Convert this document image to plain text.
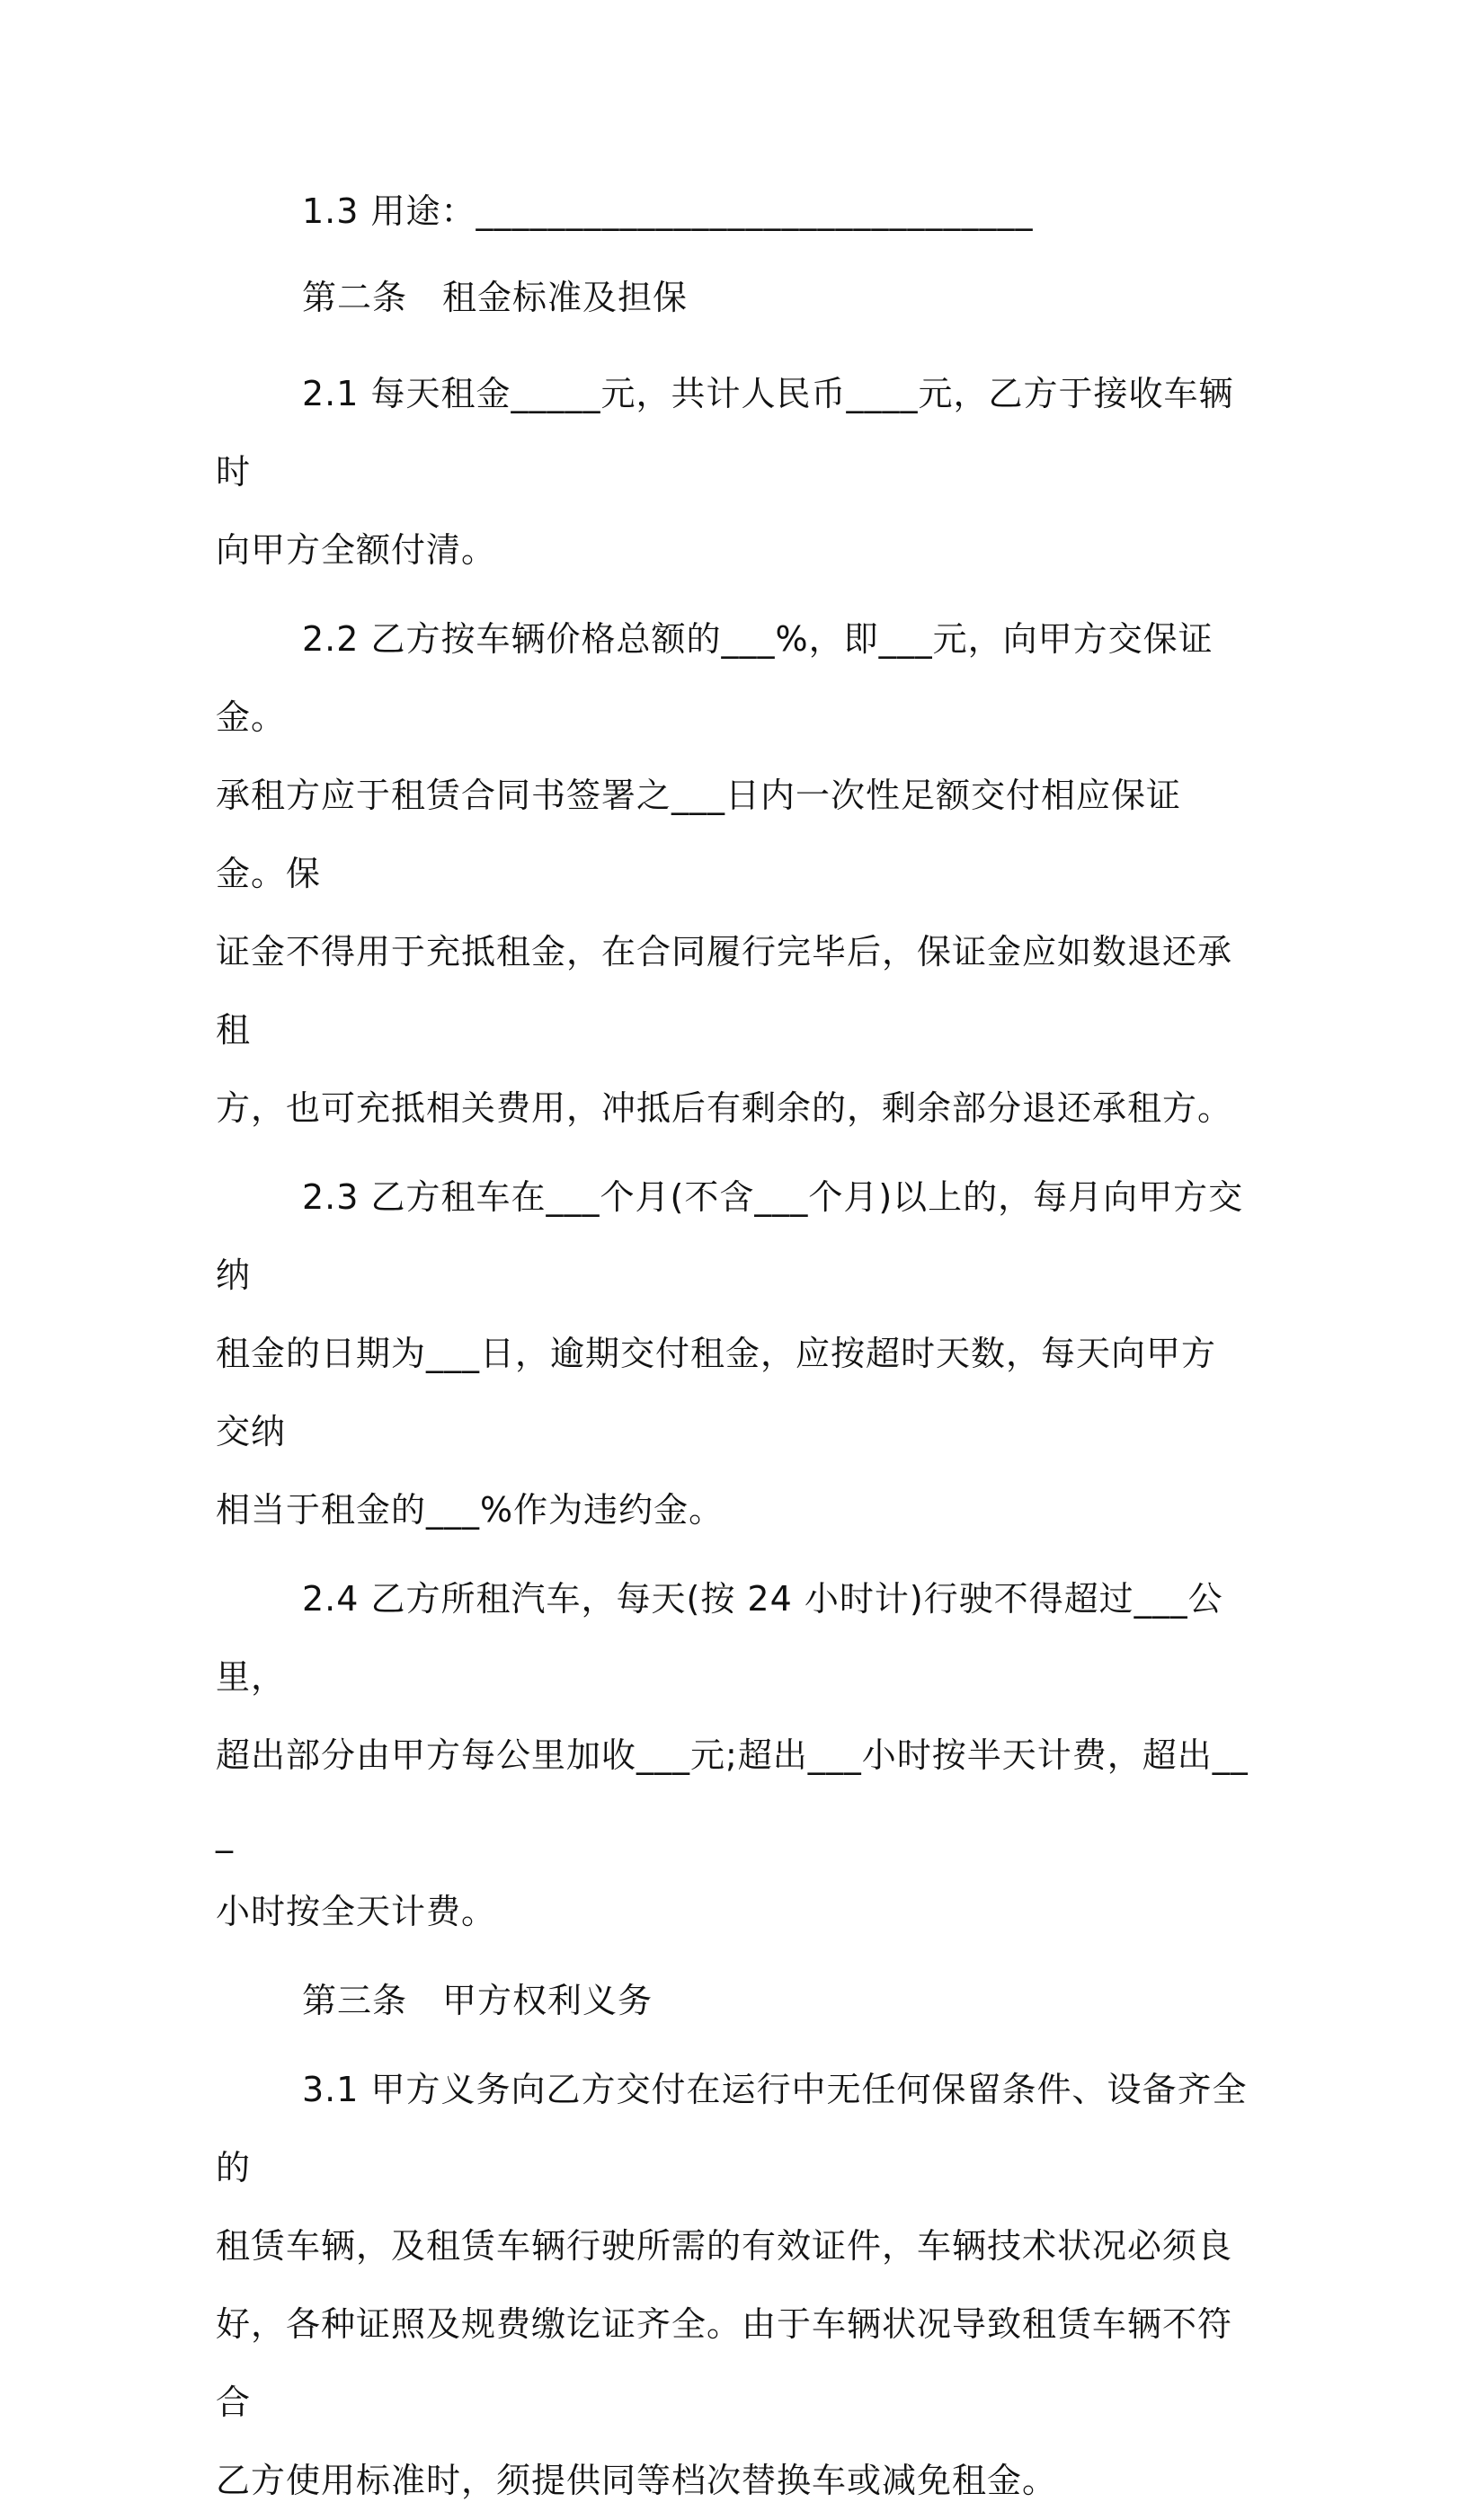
1.3 用途：_______________________________

第二条　租金标准及担保

2.1 每天租金_____元，共计人民币____元，乙方于接收车辆时
向甲方全额付清。

2.2 乙方按车辆价格总额的___%，即___元，向甲方交保证金。
承租方应于租赁合同书签署之___日内一次性足额交付相应保证金。保
证金不得用于充抵租金，在合同履行完毕后，保证金应如数退还承租
方，也可充抵相关费用，冲抵后有剩余的，剩余部分退还承租方。

2.3 乙方租车在___个月(不含___个月)以上的，每月向甲方交纳
租金的日期为___日，逾期交付租金，应按超时天数，每天向甲方交纳
相当于租金的___%作为违约金。

2.4 乙方所租汽车，每天(按 24 小时计)行驶不得超过___公里，
超出部分由甲方每公里加收___元;超出___小时按半天计费，超出___
小时按全天计费。

第三条　甲方权利义务

3.1 甲方义务向乙方交付在运行中无任何保留条件、设备齐全的
租赁车辆，及租赁车辆行驶所需的有效证件，车辆技术状况必须良
好，各种证照及规费缴讫证齐全。由于车辆状况导致租赁车辆不符合
乙方使用标准时，须提供同等档次替换车或减免租金。
